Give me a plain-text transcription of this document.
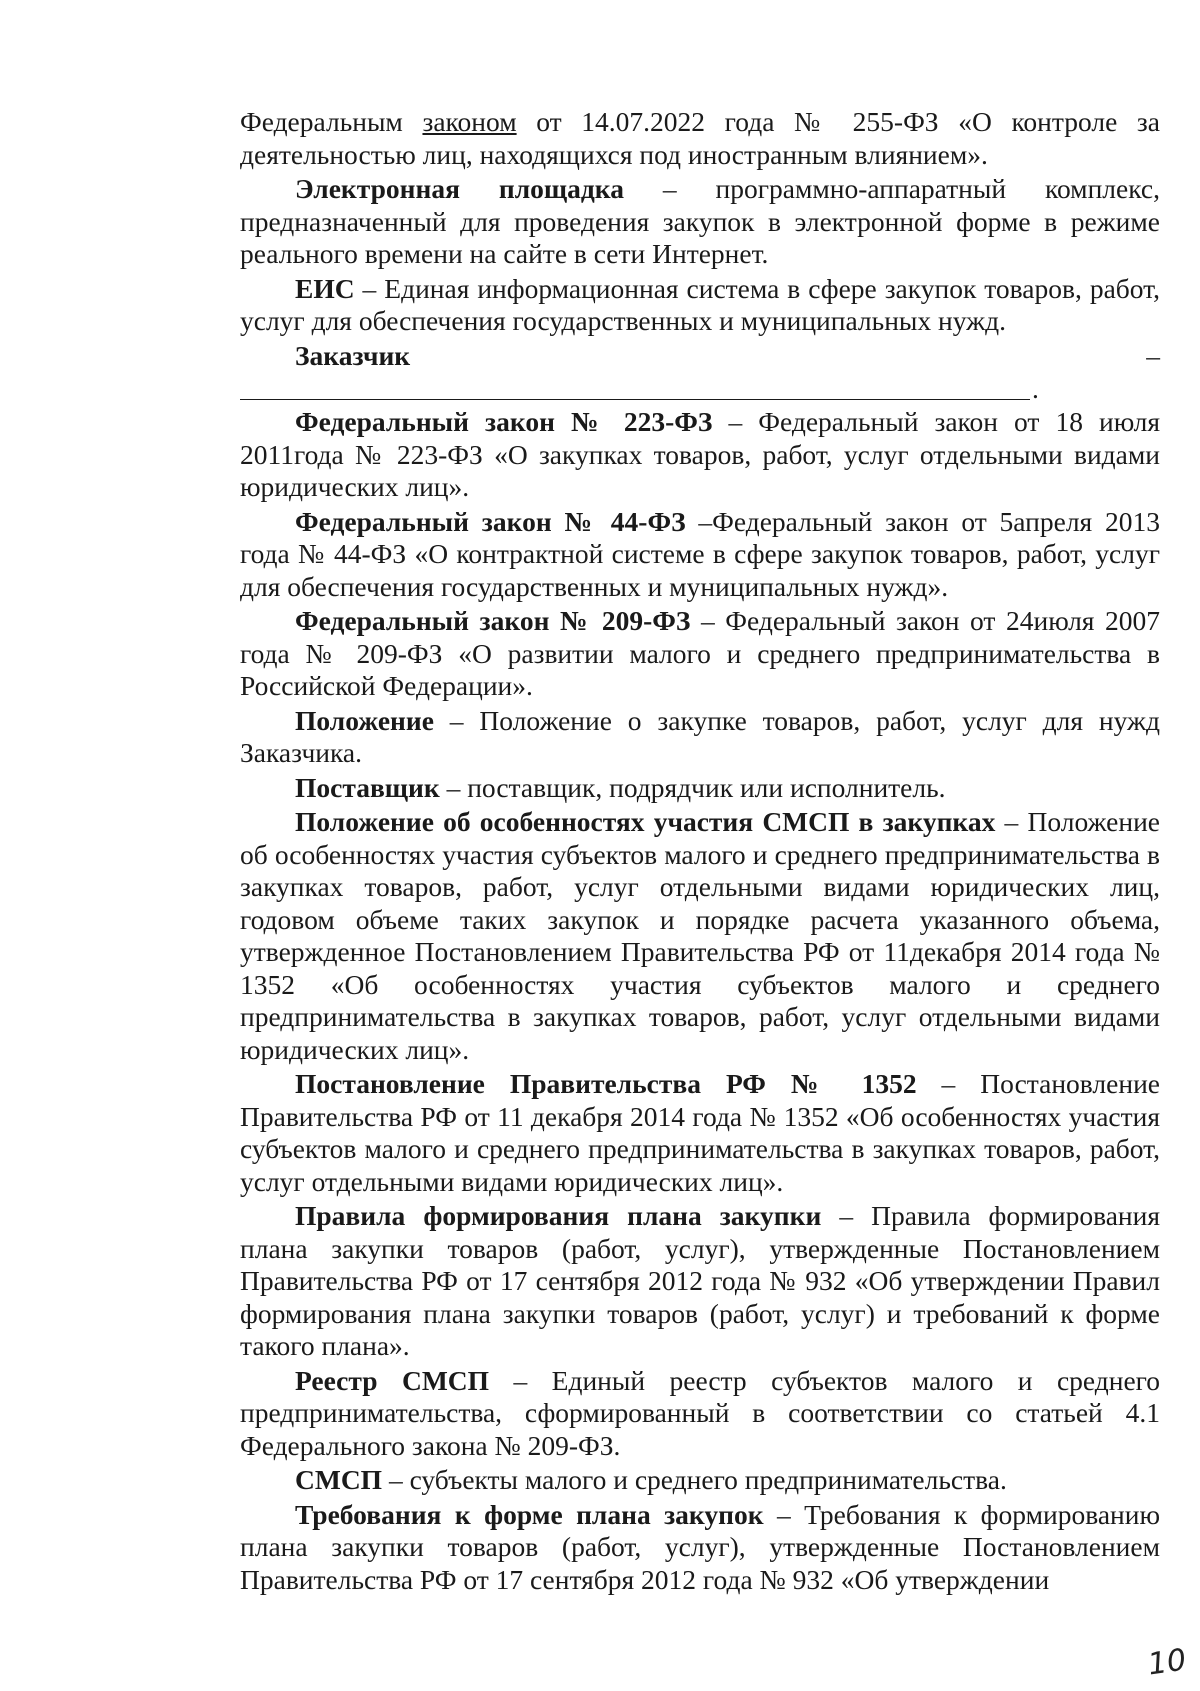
Федеральным законом от 14.07.2022 года № 255-ФЗ «О контроле за деятельностью лиц, находящихся под иностранным влиянием».

Электронная площадка – программно-аппаратный комплекс, предназначенный для проведения закупок в электронной форме в режиме реального времени на сайте в сети Интернет.

ЕИС – Единая информационная система в сфере закупок товаров, работ, услуг для обеспечения государственных и муниципальных нужд.

Заказчик	–
.

Федеральный закон № 223-ФЗ – Федеральный закон от 18 июля 2011года № 223-ФЗ «О закупках товаров, работ, услуг отдельными видами юридических лиц».

Федеральный закон № 44-ФЗ –Федеральный закон от 5апреля 2013 года № 44-ФЗ «О контрактной системе в сфере закупок товаров, работ, услуг для обеспечения государственных и муниципальных нужд».

Федеральный закон № 209-ФЗ – Федеральный закон от 24июля 2007 года № 209-ФЗ «О развитии малого и среднего предпринимательства в Российской Федерации».

Положение – Положение о закупке товаров, работ, услуг для нужд Заказчика.

Поставщик – поставщик, подрядчик или исполнитель.

Положение об особенностях участия СМСП в закупках – Положение об особенностях участия субъектов малого и среднего предпринимательства в закупках товаров, работ, услуг отдельными видами юридических лиц, годовом объеме таких закупок и порядке расчета указанного объема, утвержденное Постановлением Правительства РФ от 11декабря 2014 года № 1352 «Об особенностях участия субъектов малого и среднего предпринимательства в закупках товаров, работ, услуг отдельными видами юридических лиц».

Постановление Правительства РФ № 1352 – Постановление Правительства РФ от 11 декабря 2014 года № 1352 «Об особенностях участия субъектов малого и среднего предпринимательства в закупках товаров, работ, услуг отдельными видами юридических лиц».

Правила формирования плана закупки – Правила формирования плана закупки товаров (работ, услуг), утвержденные Постановлением Правительства РФ от 17 сентября 2012 года № 932 «Об утверждении Правил формирования плана закупки товаров (работ, услуг) и требований к форме такого плана».

Реестр СМСП – Единый реестр субъектов малого и среднего предпринимательства, сформированный в соответствии со статьей 4.1 Федерального закона № 209-ФЗ.

СМСП – субъекты малого и среднего предпринимательства.

Требования к форме плана закупок – Требования к формированию плана закупки товаров (работ, услуг), утвержденные Постановлением Правительства РФ от 17 сентября 2012 года № 932 «Об утверждении

10
